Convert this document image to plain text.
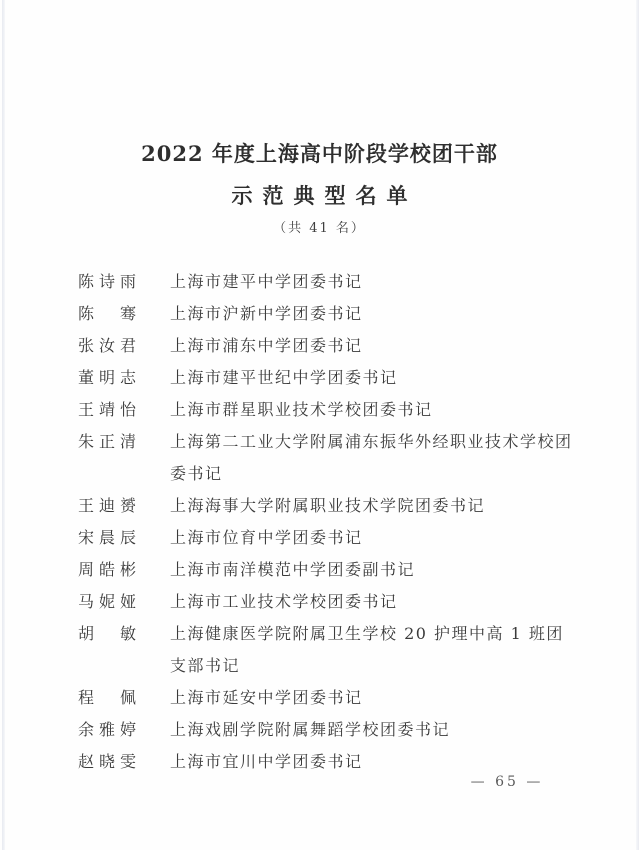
2022 年度上海高中阶段学校团干部
示范典型名单
（共 41 名）
陈诗雨 上海市建平中学团委书记
陈 骞 上海市沪新中学团委书记
张汝君 上海市浦东中学团委书记
董明志 上海市建平世纪中学团委书记
王靖怡 上海市群星职业技术学校团委书记
朱正清 上海第二工业大学附属浦东振华外经职业技术学校团委书记
王迪赟 上海海事大学附属职业技术学院团委书记
宋晨辰 上海市位育中学团委书记
周皓彬 上海市南洋模范中学团委副书记
马妮娅 上海市工业技术学校团委书记
胡 敏 上海健康医学院附属卫生学校 20 护理中高 1 班团支部书记
程 佩 上海市延安中学团委书记
余雅婷 上海戏剧学院附属舞蹈学校团委书记
赵晓雯 上海市宜川中学团委书记
— 65 —
